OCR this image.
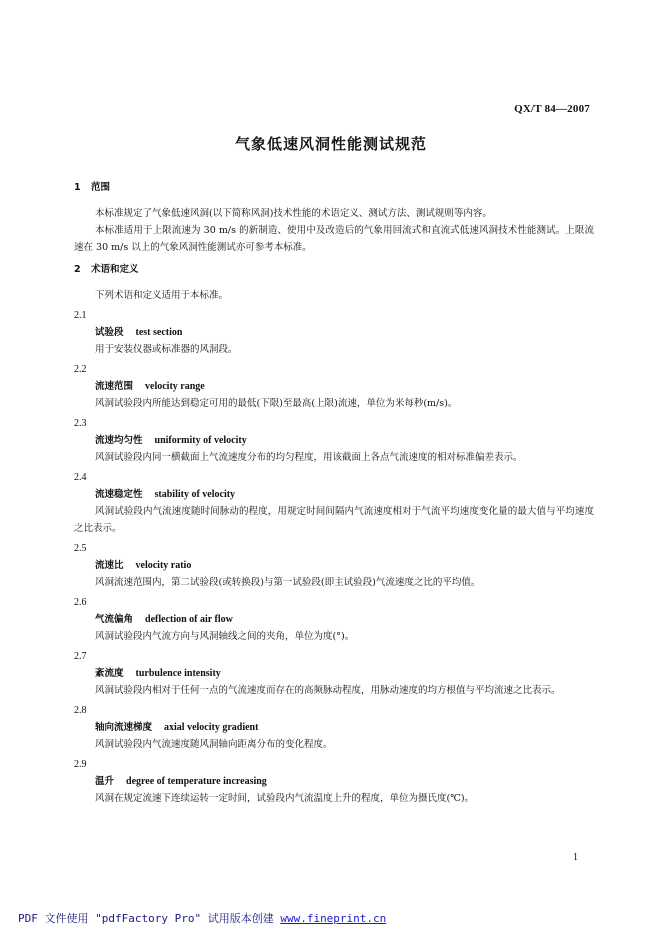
QX/T 84—2007
气象低速风洞性能测试规范
1 范围

本标准规定了气象低速风洞(以下简称风洞)技术性能的术语定义、测试方法、测试规则等内容。

本标准适用于上限流速为 30 m/s 的新制造、使用中及改造后的气象用回流式和直流式低速风洞技术性能测试。上限流速在 30 m/s 以上的气象风洞性能测试亦可参考本标准。

2 术语和定义

下列术语和定义适用于本标准。

2.1
试验段 test section

用于安装仪器或标准器的风洞段。

2.2
流速范围 velocity range

风洞试验段内所能达到稳定可用的最低(下限)至最高(上限)流速，单位为米每秒(m/s)。

2.3
流速均匀性 uniformity of velocity

风洞试验段内同一横截面上气流速度分布的均匀程度，用该截面上各点气流速度的相对标准偏差表示。

2.4
流速稳定性 stability of velocity

风洞试验段内气流速度随时间脉动的程度，用规定时间间隔内气流速度相对于气流平均速度变化量的最大值与平均速度之比表示。

2.5
流速比 velocity ratio

风洞流速范围内，第二试验段(或转换段)与第一试验段(即主试验段)气流速度之比的平均值。

2.6
气流偏角 deflection of air flow

风洞试验段内气流方向与风洞轴线之间的夹角，单位为度(°)。

2.7
紊流度 turbulence intensity

风洞试验段内相对于任何一点的气流速度而存在的高频脉动程度，用脉动速度的均方根值与平均流速之比表示。

2.8
轴向流速梯度 axial velocity gradient

风洞试验段内气流速度随风洞轴向距离分布的变化程度。

2.9
温升 degree of temperature increasing

风洞在规定流速下连续运转一定时间，试验段内气流温度上升的程度，单位为摄氏度(℃)。

1
PDF 文件使用 "pdfFactory Pro" 试用版本创建 www.fineprint.cn
